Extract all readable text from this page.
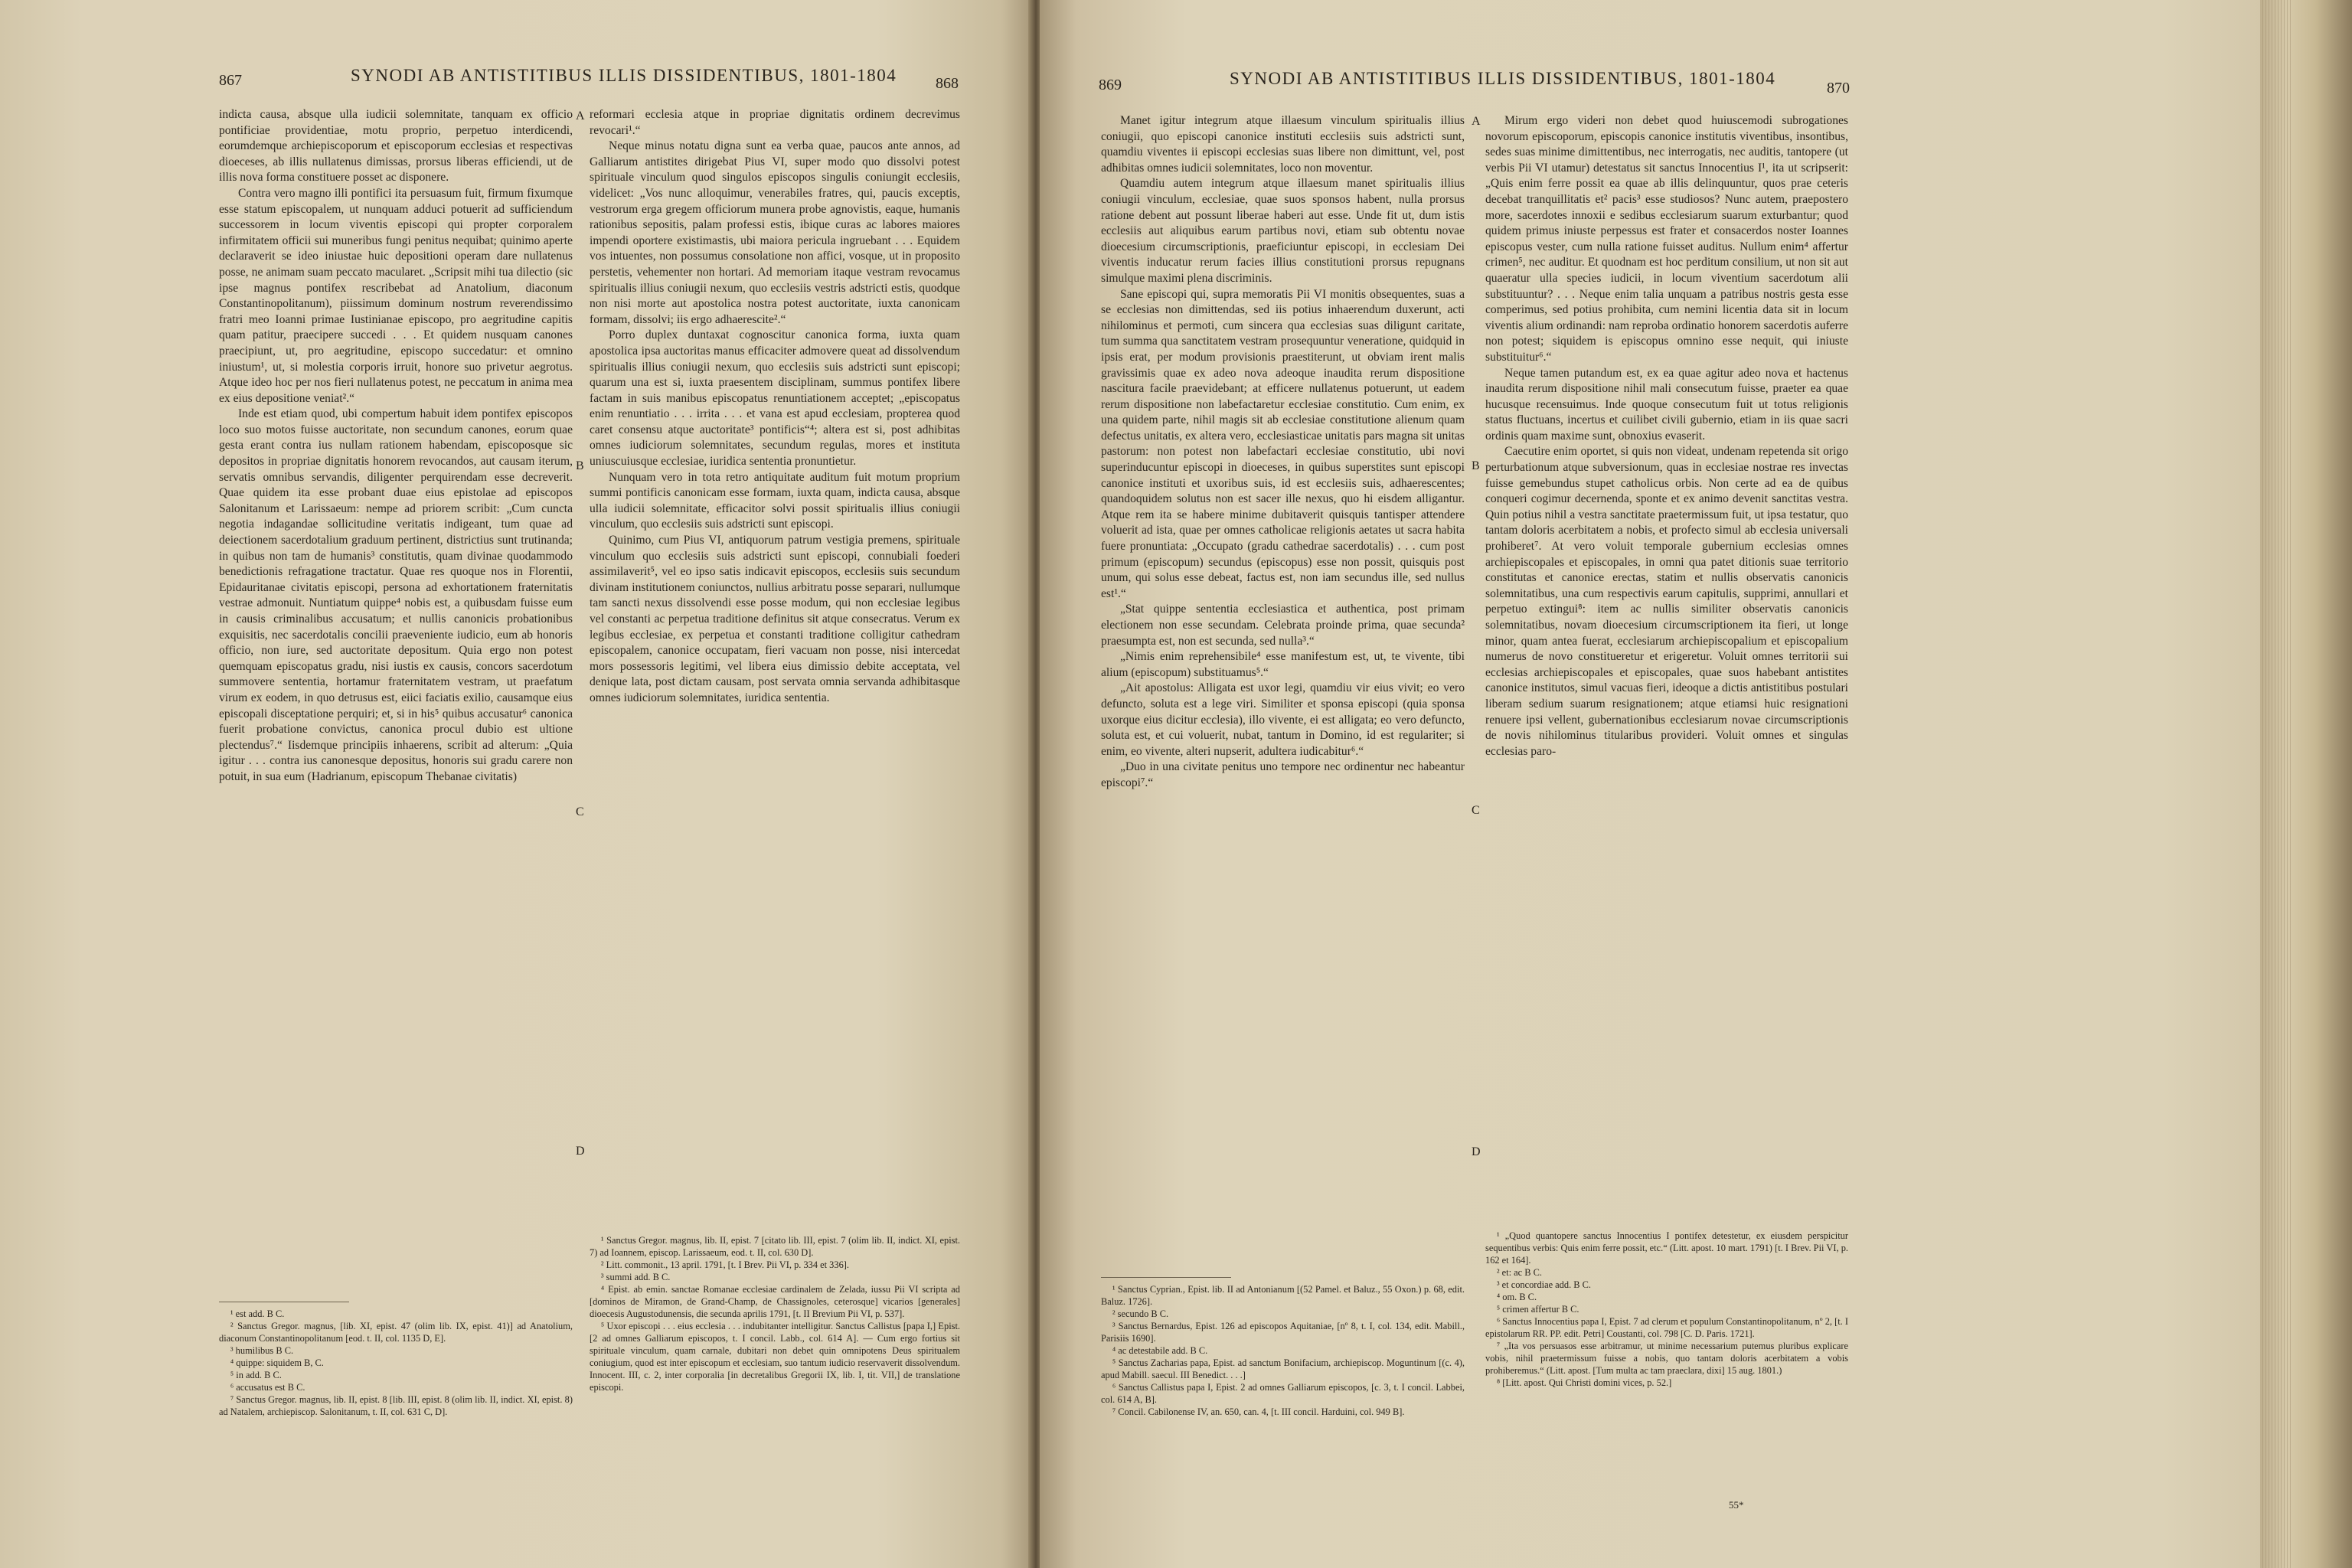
867	SYNODI AB ANTISTITIBUS ILLIS DISSIDENTIBUS, 1801-1804	868

indicta causa, absque ulla iudicii solemnitate, tanquam ex officio pontificiae providentiae, motu proprio, perpetuo interdicendi, eorumdemque archiepiscoporum et episcoporum ecclesias et respectivas dioeceses, ab illis nullatenus dimissas, prorsus liberas efficiendi, ut de illis nova forma constituere posset ac disponere.

Contra vero magno illi pontifici ita persuasum fuit, firmum fixumque esse statum episcopalem, ut nunquam adduci potuerit ad sufficiendum successorem in locum viventis episcopi qui propter corporalem infirmitatem officii sui muneribus fungi penitus nequibat; quinimo aperte declaraverit se ideo iniustae huic depositioni operam dare nullatenus posse, ne animam suam peccato macularet. „Scripsit mihi tua dilectio (sic ipse magnus pontifex rescribebat ad Anatolium, diaconum Constantinopolitanum), piissimum dominum nostrum reverendissimo fratri meo Ioanni primae Iustinianae episcopo, pro aegritudine capitis quam patitur, praecipere succedi . . . Et quidem nusquam canones praecipiunt, ut, pro aegritudine, episcopo succedatur: et omnino iniustum¹, ut, si molestia corporis irruit, honore suo privetur aegrotus. Atque ideo hoc per nos fieri nullatenus potest, ne peccatum in anima mea ex eius depositione veniat².“

Inde est etiam quod, ubi compertum habuit idem pontifex episcopos loco suo motos fuisse auctoritate, non secundum canones, eorum quae gesta erant contra ius nullam rationem habendam, episcoposque sic depositos in propriae dignitatis honorem revocandos, aut causam iterum, servatis omnibus servandis, diligenter perquirendam esse decreverit. Quae quidem ita esse probant duae eius epistolae ad episcopos Salonitanum et Larissaeum: nempe ad priorem scribit: „Cum cuncta negotia indagandae sollicitudine veritatis indigeant, tum quae ad deiectionem sacerdotalium graduum pertinent, districtius sunt trutinanda; in quibus non tam de humanis³ constitutis, quam divinae quodammodo benedictionis refragatione tractatur. Quae res quoque nos in Florentii, Epidauritanae civitatis episcopi, persona ad exhortationem fraternitatis vestrae admonuit. Nuntiatum quippe⁴ nobis est, a quibusdam fuisse eum in causis criminalibus accusatum; et nullis canonicis probationibus exquisitis, nec sacerdotalis concilii praeveniente iudicio, eum ab honoris officio, non iure, sed auctoritate depositum. Quia ergo non potest quemquam episcopatus gradu, nisi iustis ex causis, concors sacerdotum summovere sententia, hortamur fraternitatem vestram, ut praefatum virum ex eodem, in quo detrusus est, eiici faciatis exilio, causamque eius episcopali disceptatione perquiri; et, si in his⁵ quibus accusatur⁶ canonica fuerit probatione convictus, canonica procul dubio est ultione plectendus⁷.“ Iisdemque principiis inhaerens, scribit ad alterum: „Quia igitur . . . contra ius canonesque depositus, honoris sui gradu carere non potuit, in sua eum (Hadrianum, episcopum Thebanae civitatis)

A
B
C
D

reformari ecclesia atque in propriae dignitatis ordinem decrevimus revocari¹.“

Neque minus notatu digna sunt ea verba quae, paucos ante annos, ad Galliarum antistites dirigebat Pius VI, super modo quo dissolvi potest spirituale vinculum quod singulos episcopos singulis coniungit ecclesiis, videlicet: „Vos nunc alloquimur, venerabiles fratres, qui, paucis exceptis, vestrorum erga gregem officiorum munera probe agnovistis, eaque, humanis rationibus sepositis, palam professi estis, ibique curas ac labores maiores impendi oportere existimastis, ubi maiora pericula ingruebant . . . Equidem vos intuentes, non possumus consolatione non affici, vosque, ut in proposito perstetis, vehementer non hortari. Ad memoriam itaque vestram revocamus spiritualis illius coniugii nexum, quo ecclesiis vestris adstricti estis, quodque non nisi morte aut apostolica nostra potest auctoritate, iuxta canonicam formam, dissolvi; iis ergo adhaerescite².“

Porro duplex duntaxat cognoscitur canonica forma, iuxta quam apostolica ipsa auctoritas manus efficaciter admovere queat ad dissolvendum spiritualis illius coniugii nexum, quo ecclesiis suis adstricti sunt episcopi; quarum una est si, iuxta praesentem disciplinam, summus pontifex libere factam in suis manibus episcopatus renuntiationem acceptet; „episcopatus enim renuntiatio . . . irrita . . . et vana est apud ecclesiam, propterea quod caret consensu atque auctoritate³ pontificis“⁴; altera est si, post adhibitas omnes iudiciorum solemnitates, secundum regulas, mores et instituta uniuscuiusque ecclesiae, iuridica sententia pronuntietur.

Nunquam vero in tota retro antiquitate auditum fuit motum proprium summi pontificis canonicam esse formam, iuxta quam, indicta causa, absque ulla iudicii solemnitate, efficacitor solvi possit spiritualis illius coniugii vinculum, quo ecclesiis suis adstricti sunt episcopi.

Quinimo, cum Pius VI, antiquorum patrum vestigia premens, spirituale vinculum quo ecclesiis suis adstricti sunt episcopi, connubiali foederi assimilaverit⁵, vel eo ipso satis indicavit episcopos, ecclesiis suis secundum divinam institutionem coniunctos, nullius arbitratu posse separari, nullumque tam sancti nexus dissolvendi esse posse modum, qui non ecclesiae legibus vel constanti ac perpetua traditione definitus sit atque consecratus. Verum ex legibus ecclesiae, ex perpetua et constanti traditione colligitur cathedram episcopalem, canonice occupatam, fieri vacuam non posse, nisi intercedat mors possessoris legitimi, vel libera eius dimissio debite acceptata, vel denique lata, post dictam causam, post servata omnia servanda adhibitasque omnes iudiciorum solemnitates, iuridica sententia.

¹ est add. B C.
² Sanctus Gregor. magnus, [lib. XI, epist. 47 (olim lib. IX, epist. 41)] ad Anatolium, diaconum Constantinopolitanum [eod. t. II, col. 1135 D, E].
³ humilibus B C.
⁴ quippe: siquidem B, C.
⁵ in add. B C.
⁶ accusatus est B C.
⁷ Sanctus Gregor. magnus, lib. II, epist. 8 [lib. III, epist. 8 (olim lib. II, indict. XI, epist. 8) ad Natalem, archiepiscop. Salonitanum, t. II, col. 631 C, D].
¹ Sanctus Gregor. magnus, lib. II, epist. 7 [citato lib. III, epist. 7 (olim lib. II, indict. XI, epist. 7) ad Ioannem, episcop. Larissaeum, eod. t. II, col. 630 D].
² Litt. commonit., 13 april. 1791, [t. I Brev. Pii VI, p. 334 et 336].
³ summi add. B C.
⁴ Epist. ab emin. sanctae Romanae ecclesiae cardinalem de Zelada, iussu Pii VI scripta ad [dominos de Miramon, de Grand-Champ, de Chassignoles, ceterosque] vicarios [generales] dioecesis Augustodunensis, die secunda aprilis 1791, [t. II Brevium Pii VI, p. 537].
⁵ Uxor episcopi . . . eius ecclesia . . . indubitanter intelligitur. Sanctus Callistus [papa I,] Epist. [2 ad omnes Galliarum episcopos, t. I concil. Labb., col. 614 A]. — Cum ergo fortius sit spirituale vinculum, quam carnale, dubitari non debet quin omnipotens Deus spiritualem coniugium, quod est inter episcopum et ecclesiam, suo tantum iudicio reservaverit dissolvendum. Innocent. III, c. 2, inter corporalia [in decretalibus Gregorii IX, lib. I, tit. VII,] de translatione episcopi.
869	SYNODI AB ANTISTITIBUS ILLIS DISSIDENTIBUS, 1801-1804	870

Manet igitur integrum atque illaesum vinculum spiritualis illius coniugii, quo episcopi canonice instituti ecclesiis suis adstricti sunt, quamdiu viventes ii episcopi ecclesias suas libere non dimittunt, vel, post adhibitas omnes iudicii solemnitates, loco non moventur.

Quamdiu autem integrum atque illaesum manet spiritualis illius coniugii vinculum, ecclesiae, quae suos sponsos habent, nulla prorsus ratione debent aut possunt liberae haberi aut esse. Unde fit ut, dum istis ecclesiis aut aliquibus earum partibus novi, etiam sub obtentu novae dioecesium circumscriptionis, praeficiuntur episcopi, in ecclesiam Dei viventis inducatur rerum facies illius constitutioni prorsus repugnans simulque maximi plena discriminis.

Sane episcopi qui, supra memoratis Pii VI monitis obsequentes, suas a se ecclesias non dimittendas, sed iis potius inhaerendum duxerunt, acti nihilominus et permoti, cum sincera qua ecclesias suas diligunt caritate, tum summa qua sanctitatem vestram prosequuntur veneratione, quidquid in ipsis erat, per modum provisionis praestiterunt, ut obviam irent malis gravissimis quae ex adeo nova adeoque inaudita rerum dispositione nascitura facile praevidebant; at efficere nullatenus potuerunt, ut eadem rerum dispositione non labefactaretur ecclesiae constitutio. Cum enim, ex una quidem parte, nihil magis sit ab ecclesiae constitutione alienum quam defectus unitatis, ex altera vero, ecclesiasticae unitatis pars magna sit unitas pastorum: non potest non labefactari ecclesiae constitutio, ubi novi superinducuntur episcopi in dioeceses, in quibus superstites sunt episcopi canonice instituti et uxoribus suis, id est ecclesiis suis, adhaerescentes; quandoquidem solutus non est sacer ille nexus, quo hi eisdem alligantur. Atque rem ita se habere minime dubitaverit quisquis tantisper attendere voluerit ad ista, quae per omnes catholicae religionis aetates ut sacra habita fuere pronuntiata: „Occupato (gradu cathedrae sacerdotalis) . . . cum post primum (episcopum) secundus (episcopus) esse non possit, quisquis post unum, qui solus esse debeat, factus est, non iam secundus ille, sed nullus est¹.“

„Stat quippe sententia ecclesiastica et authentica, post primam electionem non esse secundam. Celebrata proinde prima, quae secunda² praesumpta est, non est secunda, sed nulla³.“

„Nimis enim reprehensibile⁴ esse manifestum est, ut, te vivente, tibi alium (episcopum) substituamus⁵.“

„Ait apostolus: Alligata est uxor legi, quamdiu vir eius vivit; eo vero defuncto, soluta est a lege viri. Similiter et sponsa episcopi (quia sponsa uxorque eius dicitur ecclesia), illo vivente, ei est alligata; eo vero defuncto, soluta est, et cui voluerit, nubat, tantum in Domino, id est regulariter; si enim, eo vivente, alteri nupserit, adultera iudicabitur⁶.“

„Duo in una civitate penitus uno tempore nec ordinentur nec habeantur episcopi⁷.“

A
B
C
D

Mirum ergo videri non debet quod huiuscemodi subrogationes novorum episcoporum, episcopis canonice institutis viventibus, insontibus, sedes suas minime dimittentibus, nec interrogatis, nec auditis, tantopere (ut verbis Pii VI utamur) detestatus sit sanctus Innocentius I¹, ita ut scripserit: „Quis enim ferre possit ea quae ab illis delinquuntur, quos prae ceteris decebat tranquillitatis et² pacis³ esse studiosos? Nunc autem, praepostero more, sacerdotes innoxii e sedibus ecclesiarum suarum exturbantur; quod quidem primus iniuste perpessus est frater et consacerdos noster Ioannes episcopus vester, cum nulla ratione fuisset auditus. Nullum enim⁴ affertur crimen⁵, nec auditur. Et quodnam est hoc perditum consilium, ut non sit aut quaeratur ulla species iudicii, in locum viventium sacerdotum alii substituuntur? . . . Neque enim talia unquam a patribus nostris gesta esse comperimus, sed potius prohibita, cum nemini licentia data sit in locum viventis alium ordinandi: nam reproba ordinatio honorem sacerdotis auferre non potest; siquidem is episcopus omnino esse nequit, qui iniuste substituitur⁶.“

Neque tamen putandum est, ex ea quae agitur adeo nova et hactenus inaudita rerum dispositione nihil mali consecutum fuisse, praeter ea quae hucusque recensuimus. Inde quoque consecutum fuit ut totus religionis status fluctuans, incertus et cuilibet civili gubernio, etiam in iis quae sacri ordinis quam maxime sunt, obnoxius evaserit.

Caecutire enim oportet, si quis non videat, undenam repetenda sit origo perturbationum atque subversionum, quas in ecclesiae nostrae res invectas fuisse gemebundus stupet catholicus orbis. Non certe ad ea de quibus conqueri cogimur decernenda, sponte et ex animo devenit sanctitas vestra. Quin potius nihil a vestra sanctitate praetermissum fuit, ut ipsa testatur, quo tantam doloris acerbitatem a nobis, et profecto simul ab ecclesia universali prohiberet⁷. At vero voluit temporale gubernium ecclesias omnes archiepiscopales et episcopales, in omni qua patet ditionis suae territorio constitutas et canonice erectas, statim et nullis observatis canonicis solemnitatibus, una cum respectivis earum capitulis, supprimi, annullari et perpetuo extingui⁸: item ac nullis similiter observatis canonicis solemnitatibus, novam dioecesium circumscriptionem ita fieri, ut longe minor, quam antea fuerat, ecclesiarum archiepiscopalium et episcopalium numerus de novo constitueretur et erigeretur. Voluit omnes territorii sui ecclesias archiepiscopales et episcopales, quae suos habebant antistites canonice institutos, simul vacuas fieri, ideoque a dictis antistitibus postulari liberam sedium suarum resignationem; atque etiamsi huic resignationi renuere ipsi vellent, gubernationibus ecclesiarum novae circumscriptionis de novis nihilominus titularibus provideri. Voluit omnes et singulas ecclesias paro-

¹ Sanctus Cyprian., Epist. lib. II ad Antonianum [(52 Pamel. et Baluz., 55 Oxon.) p. 68, edit. Baluz. 1726].
² secundo B C.
³ Sanctus Bernardus, Epist. 126 ad episcopos Aquitaniae, [nº 8, t. I, col. 134, edit. Mabill., Parisiis 1690].
⁴ ac detestabile add. B C.
⁵ Sanctus Zacharias papa, Epist. ad sanctum Bonifacium, archiepiscop. Moguntinum [(c. 4), apud Mabill. saecul. III Benedict. . . .]
⁶ Sanctus Callistus papa I, Epist. 2 ad omnes Galliarum episcopos, [c. 3, t. I concil. Labbei, col. 614 A, B].
⁷ Concil. Cabilonense IV, an. 650, can. 4, [t. III concil. Harduini, col. 949 B].
¹ „Quod quantopere sanctus Innocentius I pontifex detestetur, ex eiusdem perspicitur sequentibus verbis: Quis enim ferre possit, etc.“ (Litt. apost. 10 mart. 1791) [t. I Brev. Pii VI, p. 162 et 164].
² et: ac B C.
³ et concordiae add. B C.
⁴ om. B C.
⁵ crimen affertur B C.
⁶ Sanctus Innocentius papa I, Epist. 7 ad clerum et populum Constantinopolitanum, nº 2, [t. I epistolarum RR. PP. edit. Petri] Coustanti, col. 798 [C. D. Paris. 1721].
⁷ „Ita vos persuasos esse arbitramur, ut minime necessarium putemus pluribus explicare vobis, nihil praetermissum fuisse a nobis, quo tantam doloris acerbitatem a vobis prohiberemus.“ (Litt. apost. [Tum multa ac tam praeclara, dixi] 15 aug. 1801.)
⁸ [Litt. apost. Qui Christi domini vices, p. 52.]
55*
